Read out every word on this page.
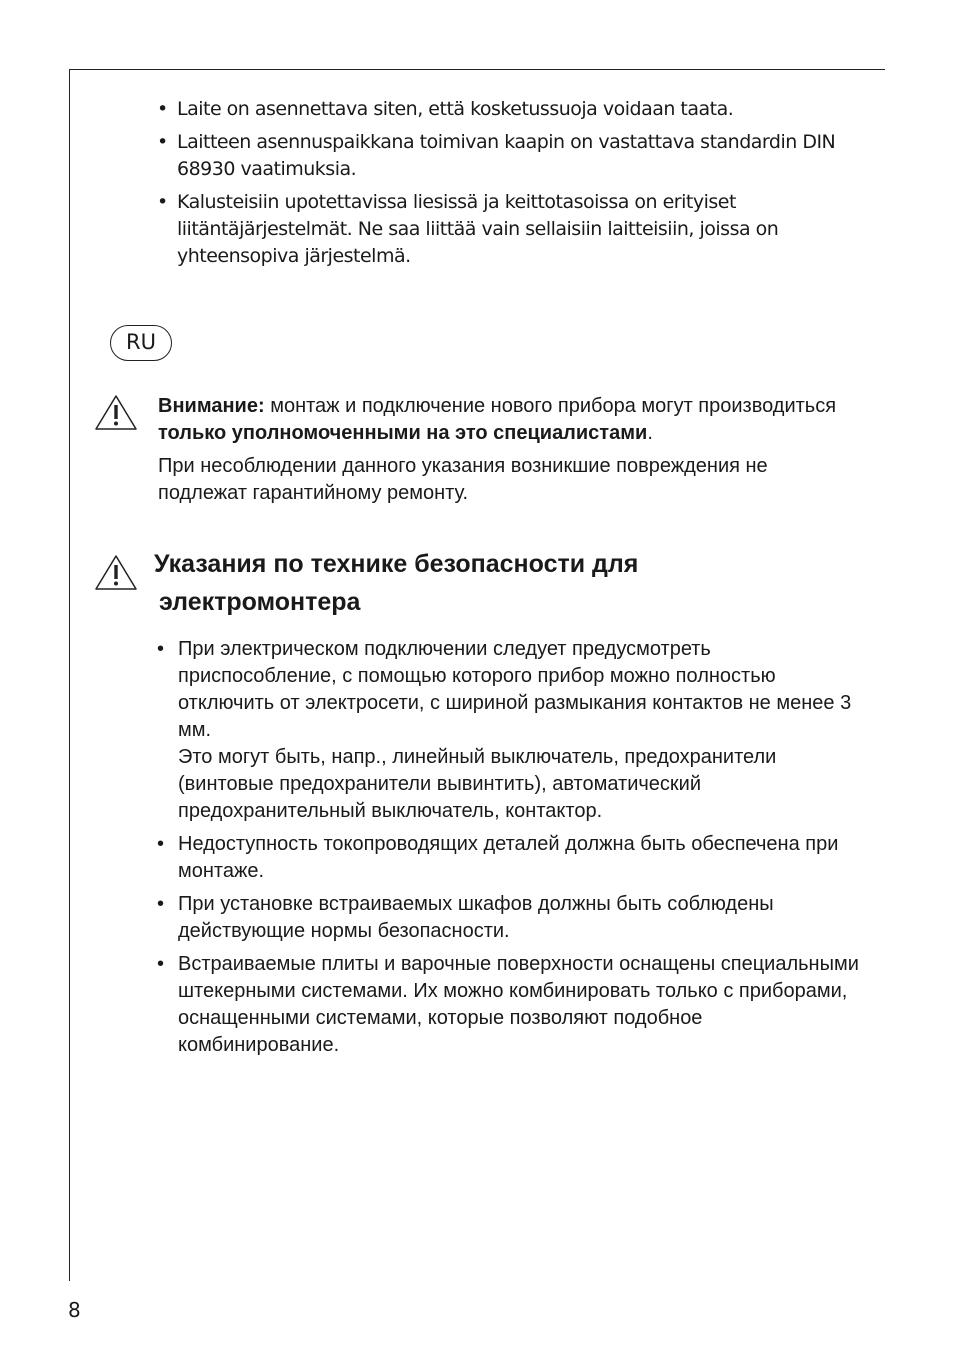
• Laite on asennettava siten, että kosketussuoja voidaan taata.
• Laitteen asennuspaikkana toimivan kaapin on vastattava standardin DIN 68930 vaatimuksia.
• Kalusteisiin upotettavissa liesissä ja keittotasoissa on erityiset liitäntäjärjestelmät. Ne saa liittää vain sellaisiin laitteisiin, joissa on yhteensopiva järjestelmä.
RU

Внимание: монтаж и подключение нового прибора могут производиться только уполномоченными на это специалистами.

При несоблюдении данного указания возникшие повреждения не подлежат гарантийному ремонту.

Указания по технике безопасности для
электромонтера
• При электрическом подключении следует предусмотреть приспособление, с помощью которого прибор можно полностью отключить от электросети, с шириной размыкания контактов не менее 3 мм.
Это могут быть, напр., линейный выключатель, предохранители (винтовые предохранители вывинтить), автоматический предохранительный выключатель, контактор.
• Недоступность токопроводящих деталей должна быть обеспечена при монтаже.
• При установке встраиваемых шкафов должны быть соблюдены действующие нормы безопасности.
• Встраиваемые плиты и варочные поверхности оснащены специальными штекерными системами. Их можно комбинировать только с приборами, оснащенными системами, которые позволяют подобное комбинирование.
8
